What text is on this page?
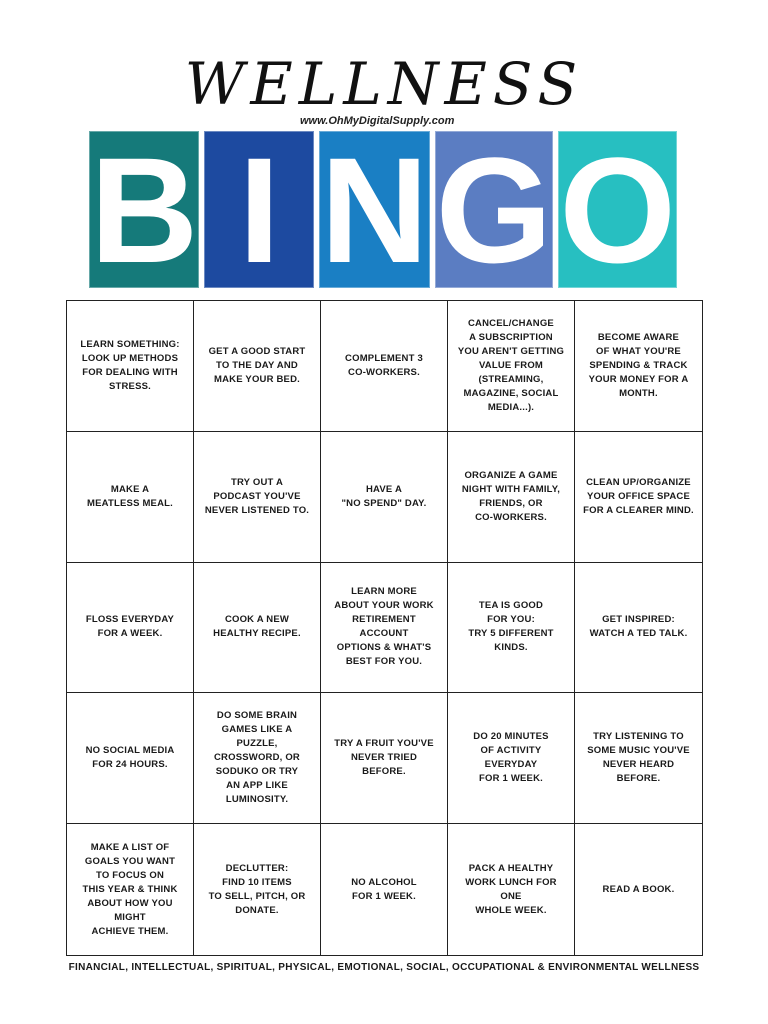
WELLNESS
www.OhMyDigitalSupply.com
B I N G O
LEARN SOMETHING:
LOOK UP METHODS
FOR DEALING WITH
STRESS.
GET A GOOD START
TO THE DAY AND
MAKE YOUR BED.
COMPLEMENT 3
CO-WORKERS.
CANCEL/CHANGE
A SUBSCRIPTION
YOU AREN'T GETTING
VALUE FROM
(STREAMING,
MAGAZINE, SOCIAL
MEDIA...).
BECOME AWARE
OF WHAT YOU'RE
SPENDING & TRACK
YOUR MONEY FOR A
MONTH.
MAKE A
MEATLESS MEAL.
TRY OUT A
PODCAST YOU'VE
NEVER LISTENED TO.
HAVE A
"NO SPEND" DAY.
ORGANIZE A GAME
NIGHT WITH FAMILY,
FRIENDS, OR
CO-WORKERS.
CLEAN UP/ORGANIZE
YOUR OFFICE SPACE
FOR A CLEARER MIND.
FLOSS EVERYDAY
FOR A WEEK.
COOK A NEW
HEALTHY RECIPE.
LEARN MORE
ABOUT YOUR WORK
RETIREMENT ACCOUNT
OPTIONS & WHAT'S
BEST FOR YOU.
TEA IS GOOD
FOR YOU:
TRY 5 DIFFERENT
KINDS.
GET INSPIRED:
WATCH A TED TALK.
NO SOCIAL MEDIA
FOR 24 HOURS.
DO SOME BRAIN
GAMES LIKE A PUZZLE,
CROSSWORD, OR
SODUKO OR TRY
AN APP LIKE
LUMINOSITY.
TRY A FRUIT YOU'VE
NEVER TRIED BEFORE.
DO 20 MINUTES
OF ACTIVITY EVERYDAY
FOR 1 WEEK.
TRY LISTENING TO
SOME MUSIC YOU'VE
NEVER HEARD BEFORE.
MAKE A LIST OF
GOALS YOU WANT
TO FOCUS ON
THIS YEAR & THINK
ABOUT HOW YOU MIGHT
ACHIEVE THEM.
DECLUTTER:
FIND 10 ITEMS
TO SELL, PITCH, OR
DONATE.
NO ALCOHOL
FOR 1 WEEK.
PACK A HEALTHY
WORK LUNCH FOR ONE
WHOLE WEEK.
READ A BOOK.
FINANCIAL, INTELLECTUAL, SPIRITUAL, PHYSICAL, EMOTIONAL, SOCIAL, OCCUPATIONAL & ENVIRONMENTAL WELLNESS
